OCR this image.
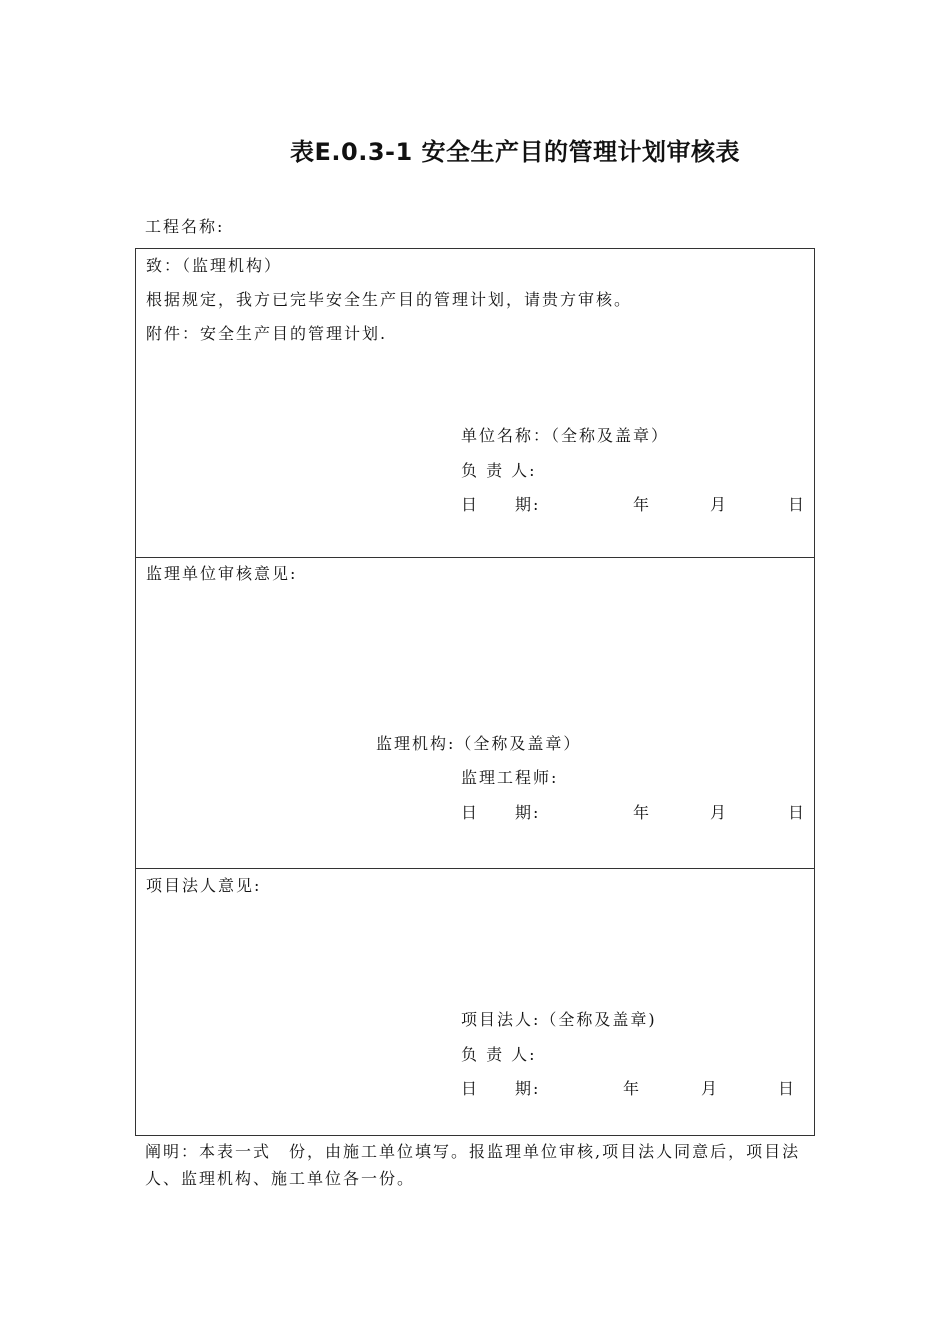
表E.0.3-1 安全生产目的管理计划审核表
工程名称:
致：（监理机构）
根据规定，我方已完毕安全生产目的管理计划，请贵方审核。
附件：安全生产目的管理计划.
单位名称：（全称及盖章）
负 责 人:
日　　期:	年	月	日
监理单位审核意见:
监理机构:（全称及盖章）
监理工程师:
日　　期:	年	月	日
项目法人意见:
项目法人:（全称及盖章)
负 责 人:
日　　期:	年	月	日
阐明：本表一式　份，由施工单位填写。报监理单位审核,项目法人同意后，项目法人、监理机构、施工单位各一份。
